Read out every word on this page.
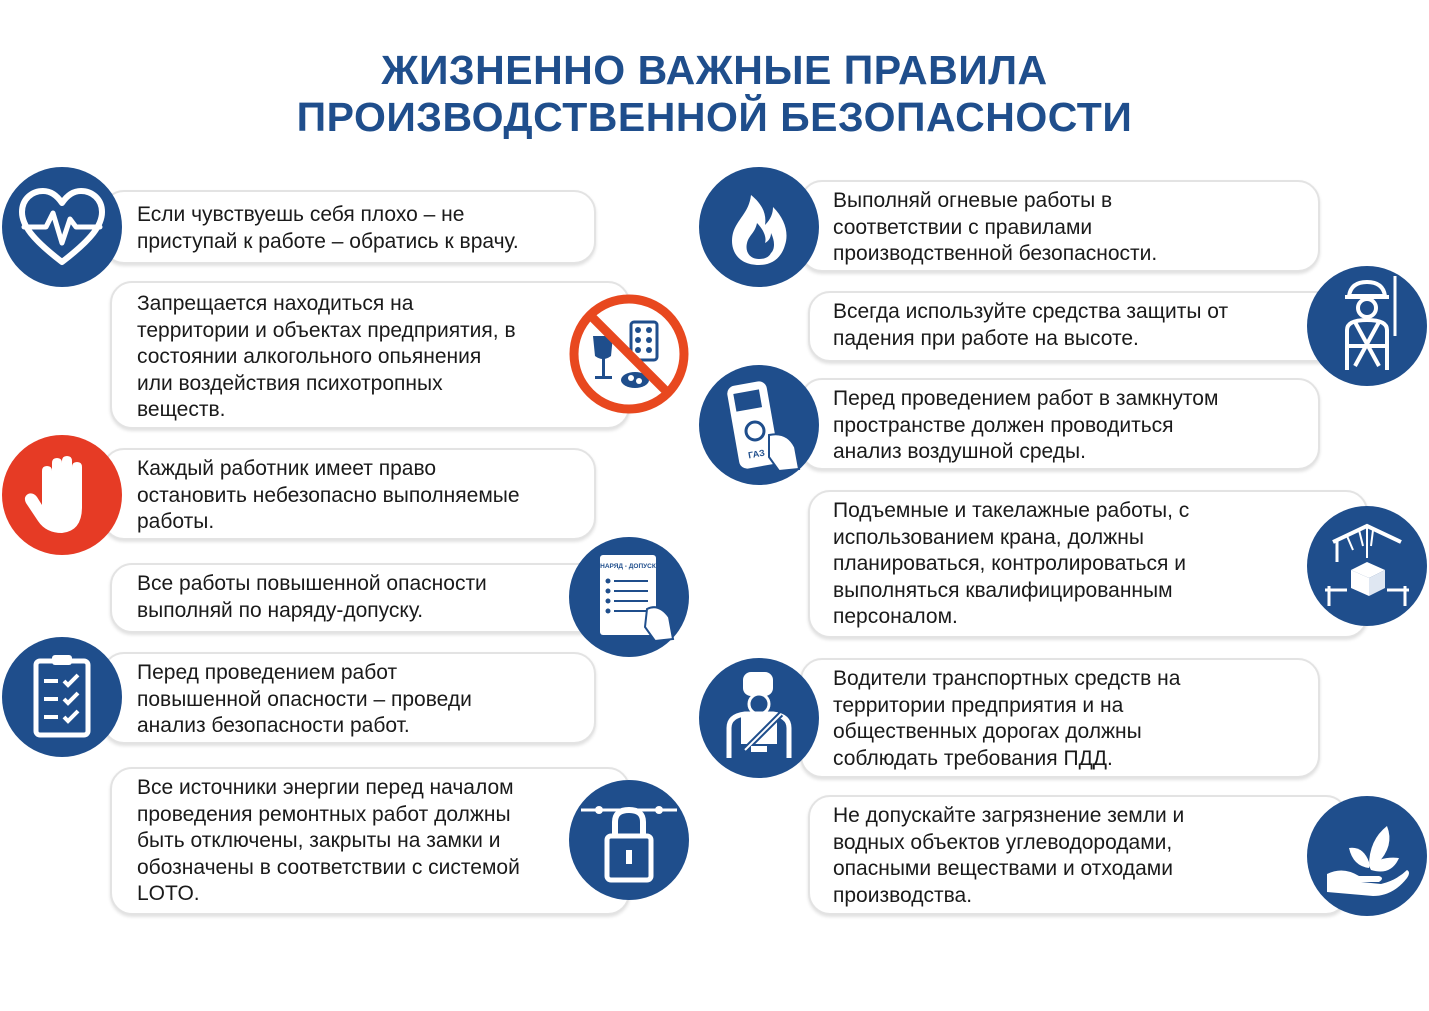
ЖИЗНЕННО ВАЖНЫЕ ПРАВИЛА
ПРОИЗВОДСТВЕННОЙ БЕЗОПАСНОСТИ
Если чувствуешь себя плохо – не
приступай к работе – обратись к врачу.
Запрещается находиться на
территории и объектах предприятия, в
состоянии алкогольного опьянения
или воздействия психотропных
веществ.
Каждый работник имеет право
остановить небезопасно выполняемые
работы.
Все работы повышенной опасности
выполняй по наряду-допуску.
НАРЯД - ДОПУСК
Перед проведением работ
повышенной опасности – проведи
анализ безопасности работ.
Все источники энергии перед началом
проведения ремонтных работ должны
быть отключены, закрыты на замки и
обозначены в соответствии с системой
LOTO.
Выполняй огневые работы в
соответствии с правилами
производственной безопасности.
Всегда используйте средства защиты от
падения при работе на высоте.
Перед проведением работ в замкнутом
пространстве должен проводиться
анализ воздушной среды.
ГАЗ
Подъемные и такелажные работы, с
использованием крана, должны
планироваться, контролироваться и
выполняться квалифицированным
персоналом.
Водители транспортных средств на
территории предприятия и на
общественных дорогах должны
соблюдать требования ПДД.
Не допускайте загрязнение земли и
водных объектов углеводородами,
опасными веществами и отходами
производства.
